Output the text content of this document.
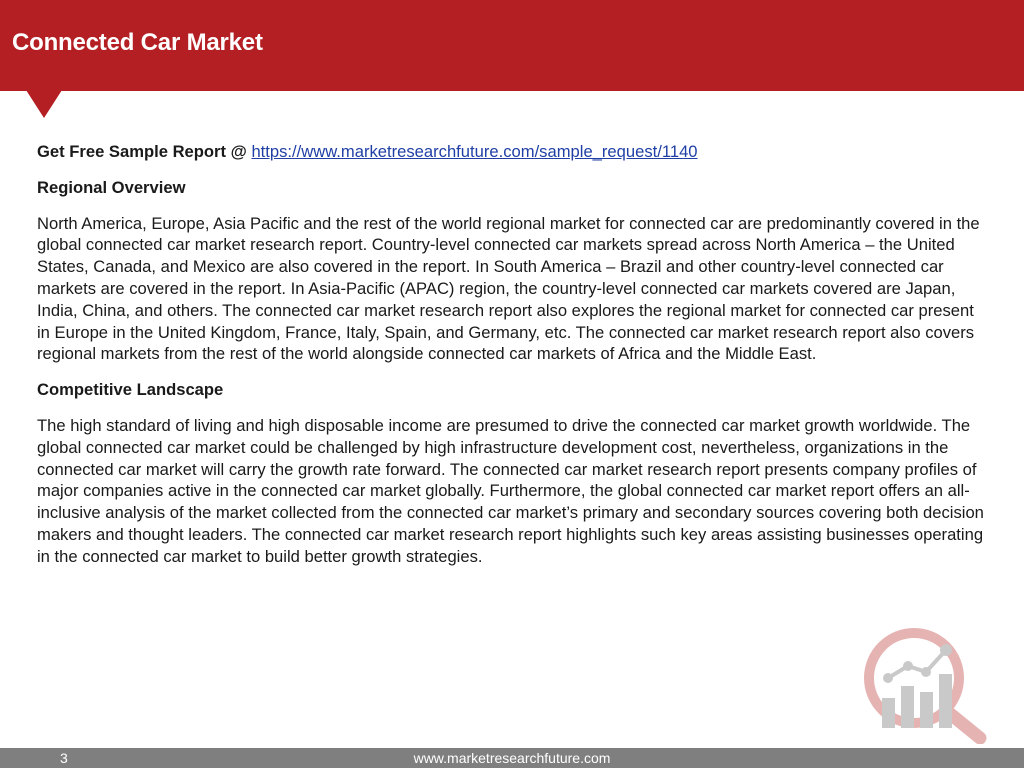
Connected Car Market

Get Free Sample Report @ https://www.marketresearchfuture.com/sample_request/1140

Regional Overview

North America, Europe, Asia Pacific and the rest of the world regional market for connected car are predominantly covered in the global connected car market research report. Country-level connected car markets spread across North America – the United States, Canada, and Mexico are also covered in the report. In South America – Brazil and other country-level connected car markets are covered in the report. In Asia-Pacific (APAC) region, the country-level connected car markets covered are Japan, India, China, and others. The connected car market research report also explores the regional market for connected car present in Europe in the United Kingdom, France, Italy, Spain, and Germany, etc. The connected car market research report also covers regional markets from the rest of the world alongside connected car markets of Africa and the Middle East.

Competitive Landscape

The high standard of living and high disposable income are presumed to drive the connected car market growth worldwide. The global connected car market could be challenged by high infrastructure development cost, nevertheless, organizations in the connected car market will carry the growth rate forward. The connected car market research report presents company profiles of major companies active in the connected car market globally. Furthermore, the global connected car market report offers an all-inclusive analysis of the market collected from the connected car market’s primary and secondary sources covering both decision makers and thought leaders. The connected car market research report highlights such key areas assisting businesses operating in the connected car market to build better growth strategies.

3	www.marketresearchfuture.com
